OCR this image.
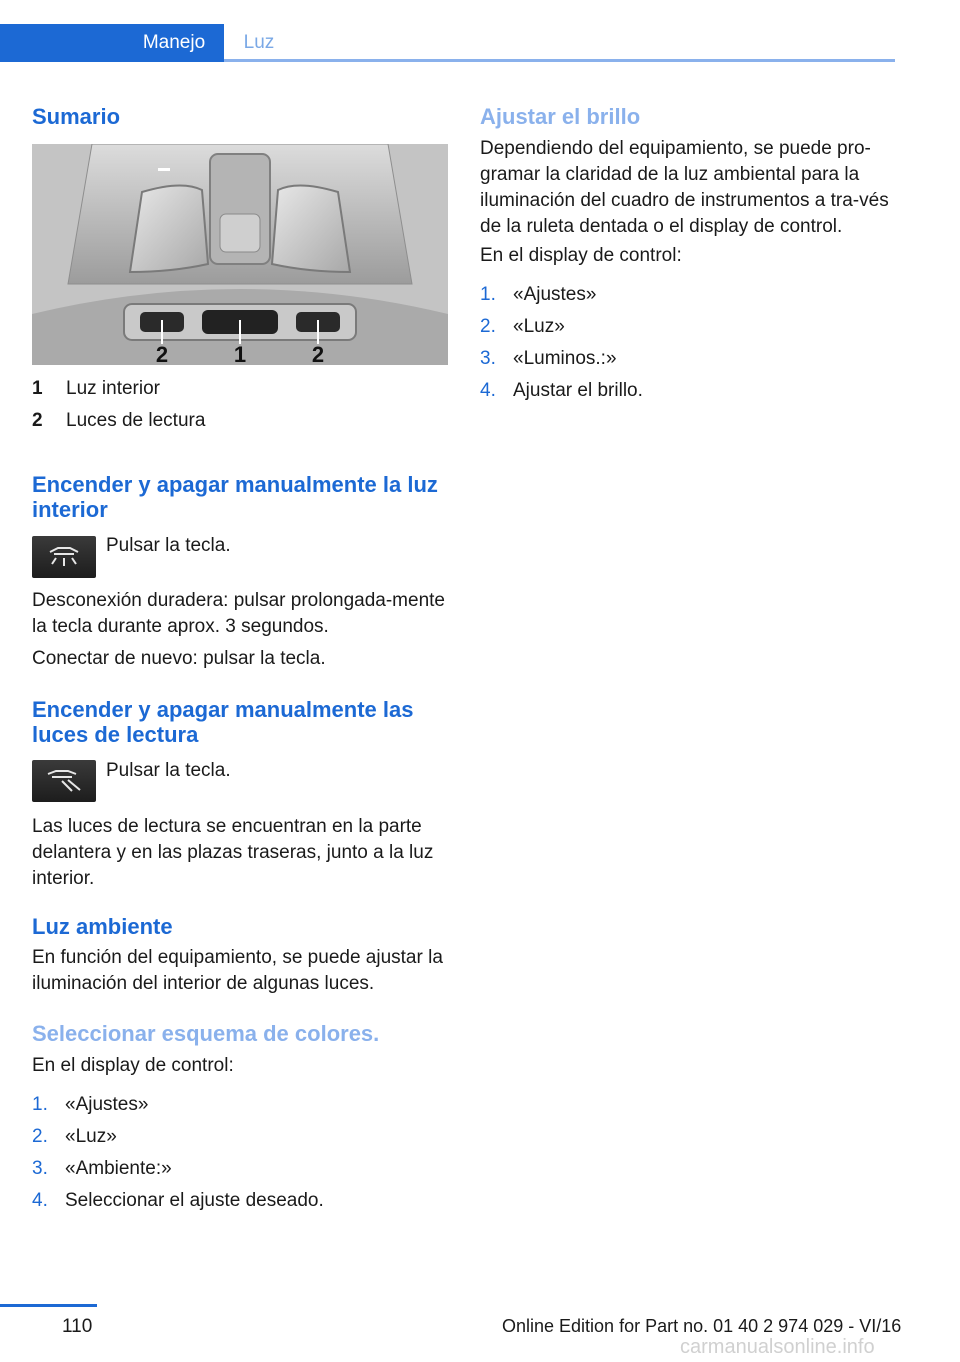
Manejo	Luz
Sumario
2	1	2
1 Luz interior
2 Luces de lectura
Encender y apagar manualmente la luz interior

Pulsar la tecla.

Desconexión duradera: pulsar prolongada‐mente la tecla durante aprox. 3 segundos.

Conectar de nuevo: pulsar la tecla.

Encender y apagar manualmente las luces de lectura

Pulsar la tecla.

Las luces de lectura se encuentran en la parte delantera y en las plazas traseras, junto a la luz interior.

Luz ambiente

En función del equipamiento, se puede ajustar la iluminación del interior de algunas luces.

Seleccionar esquema de colores.

En el display de control:

1. «Ajustes»
2. «Luz»
3. «Ambiente:»
4. Seleccionar el ajuste deseado.
Ajustar el brillo

Dependiendo del equipamiento, se puede pro‐gramar la claridad de la luz ambiental para la iluminación del cuadro de instrumentos a tra‐vés de la ruleta dentada o el display de control.

En el display de control:

1. «Ajustes»
2. «Luz»
3. «Luminos.:»
4. Ajustar el brillo.
110	Online Edition for Part no. 01 40 2 974 029 - VI/16
carmanualsonline.info
